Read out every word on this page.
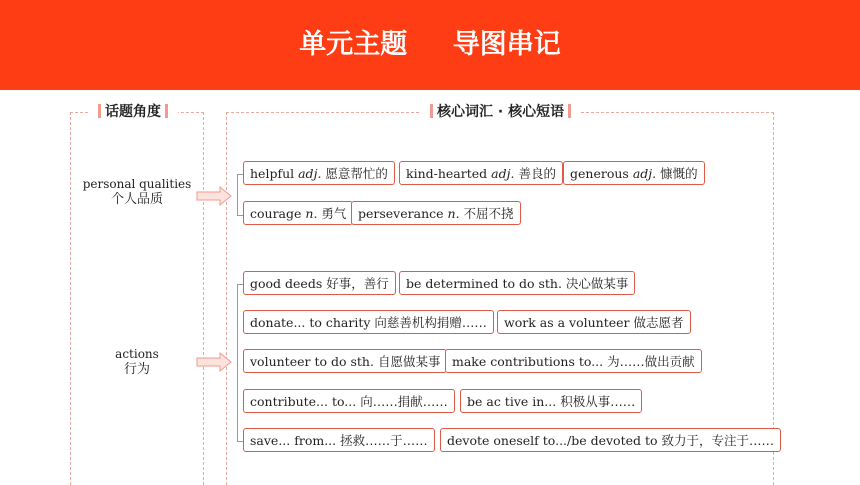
单元主题 导图串记
话题角度	核心词汇 · 核心短语
personal qualities
个人品质
actions
行为
helpful adj. 愿意帮忙的	kind-hearted adj. 善良的	generous adj. 慷慨的
courage n. 勇气 perseverance n. 不屈不挠
good deeds 好事，善行	be determined to do sth. 决心做某事
donate... to charity 向慈善机构捐赠……	work as a volunteer 做志愿者
volunteer to do sth. 自愿做某事 make contributions to... 为……做出贡献
contribute... to... 向……捐献……	be ac tive in... 积极从事……
save... from... 拯救……于……	devote oneself to.../be devoted to 致力于，专注于……
